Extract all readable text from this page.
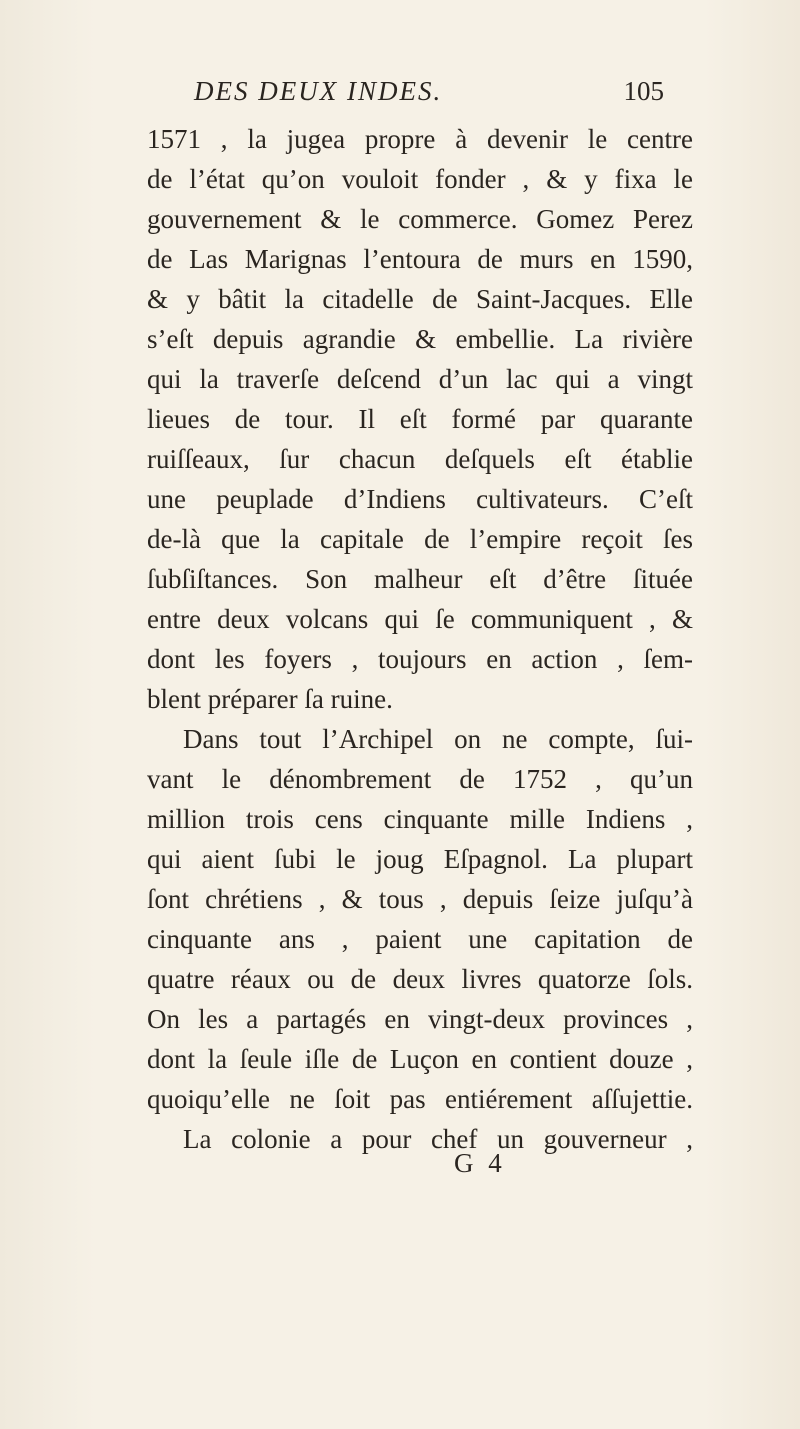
DES DEUX INDES.	105
1571 , la jugea propre à devenir le centre
de l’état qu’on vouloit fonder , & y fixa le
gouvernement & le commerce. Gomez Perez
de Las Marignas l’entoura de murs en 1590,
& y bâtit la citadelle de Saint-Jacques. Elle
s’eſt depuis agrandie & embellie. La rivière
qui la traverſe deſcend d’un lac qui a vingt
lieues de tour. Il eſt formé par quarante
ruiſſeaux, ſur chacun deſquels eſt établie
une peuplade d’Indiens cultivateurs. C’eſt
de-là que la capitale de l’empire reçoit ſes
ſubſiſtances. Son malheur eſt d’être ſituée
entre deux volcans qui ſe communiquent , &
dont les foyers , toujours en action , ſem-
blent préparer ſa ruine.
Dans tout l’Archipel on ne compte, ſui-
vant le dénombrement de 1752 , qu’un
million trois cens cinquante mille Indiens ,
qui aient ſubi le joug Eſpagnol. La plupart
ſont chrétiens , & tous , depuis ſeize juſqu’à
cinquante ans , paient une capitation de
quatre réaux ou de deux livres quatorze ſols.
On les a partagés en vingt-deux provinces ,
dont la ſeule iſle de Luçon en contient douze ,
quoiqu’elle ne ſoit pas entiérement aſſujettie.
La colonie a pour chef un gouverneur ,
G 4
